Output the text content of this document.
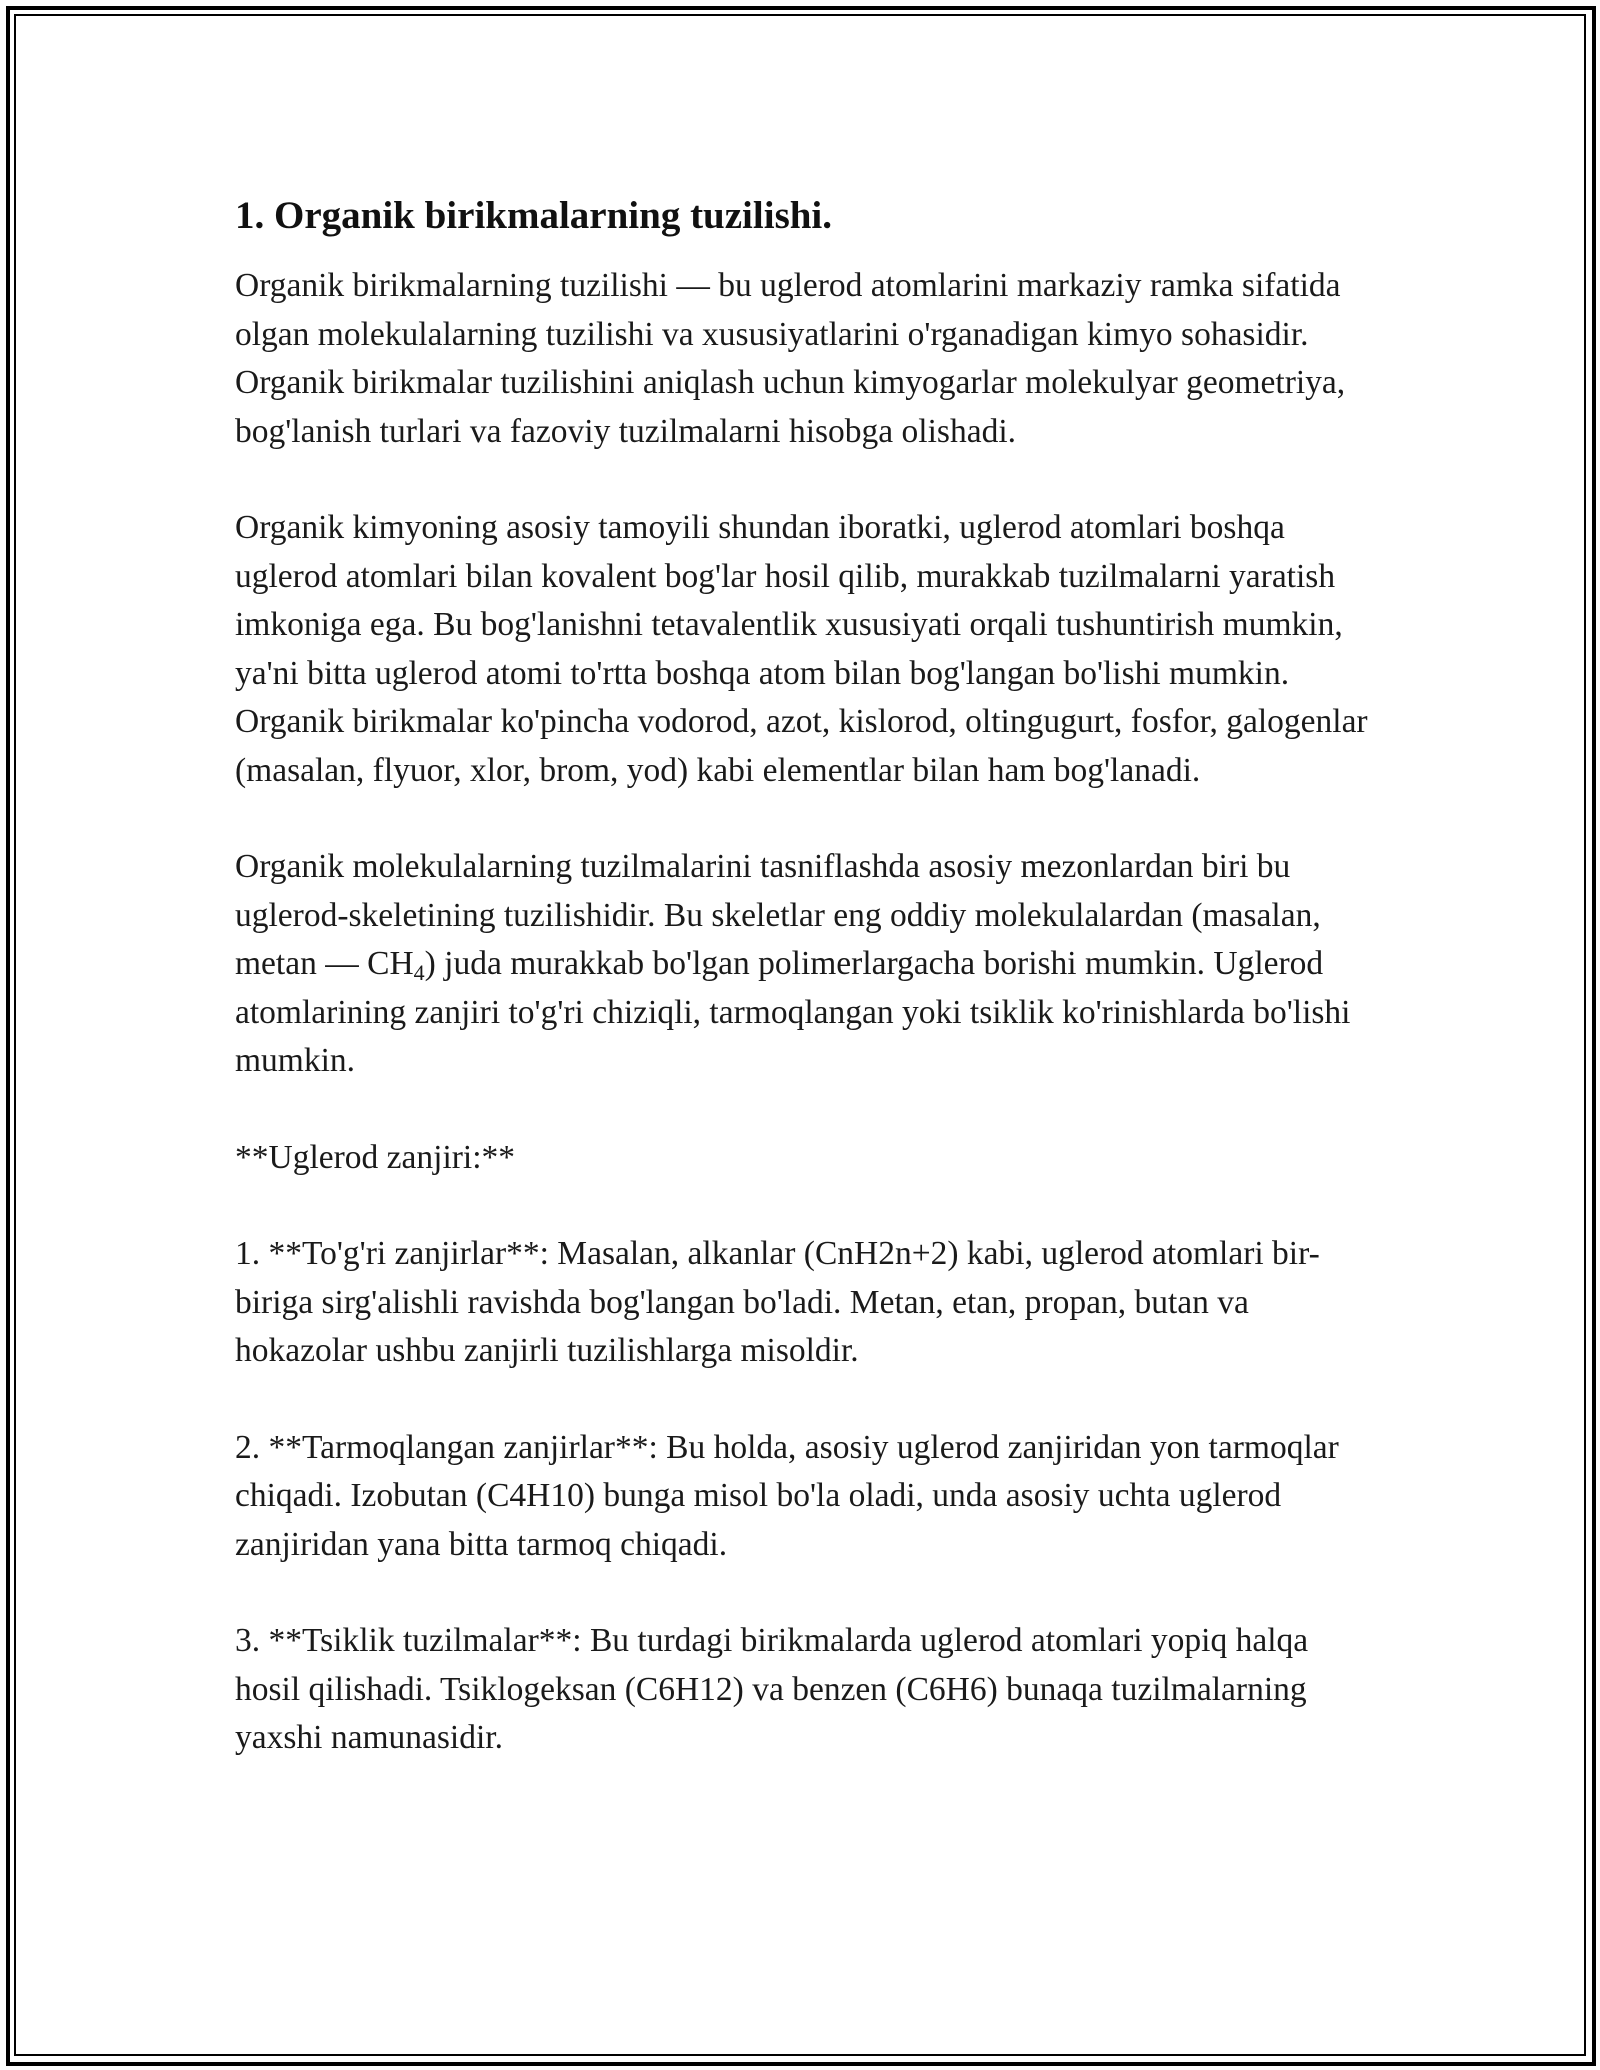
1. Organik birikmalarning tuzilishi.

Organik birikmalarning tuzilishi — bu uglerod atomlarini markaziy ramka sifatida olgan molekulalarning tuzilishi va xususiyatlarini o'rganadigan kimyo sohasidir. Organik birikmalar tuzilishini aniqlash uchun kimyogarlar molekulyar geometriya, bog'lanish turlari va fazoviy tuzilmalarni hisobga olishadi.

Organik kimyoning asosiy tamoyili shundan iboratki, uglerod atomlari boshqa uglerod atomlari bilan kovalent bog'lar hosil qilib, murakkab tuzilmalarni yaratish imkoniga ega. Bu bog'lanishni tetavalentlik xususiyati orqali tushuntirish mumkin, ya'ni bitta uglerod atomi to'rtta boshqa atom bilan bog'langan bo'lishi mumkin. Organik birikmalar ko'pincha vodorod, azot, kislorod, oltingugurt, fosfor, galogenlar (masalan, flyuor, xlor, brom, yod) kabi elementlar bilan ham bog'lanadi.

Organik molekulalarning tuzilmalarini tasniflashda asosiy mezonlardan biri bu uglerod-skeletining tuzilishidir. Bu skeletlar eng oddiy molekulalardan (masalan, metan — $CH_4$) juda murakkab bo'lgan polimerlargacha borishi mumkin. Uglerod atomlarining zanjiri to'g'ri chiziqli, tarmoqlangan yoki tsiklik ko'rinishlarda bo'lishi mumkin.

**Uglerod zanjiri:**

1. **To'g'ri zanjirlar**: Masalan, alkanlar (CnH2n+2) kabi, uglerod atomlari bir-biriga sirg'alishli ravishda bog'langan bo'ladi. Metan, etan, propan, butan va hokazolar ushbu zanjirli tuzilishlarga misoldir.

2. **Tarmoqlangan zanjirlar**: Bu holda, asosiy uglerod zanjiridan yon tarmoqlar chiqadi. Izobutan (C4H10) bunga misol bo'la oladi, unda asosiy uchta uglerod zanjiridan yana bitta tarmoq chiqadi.

3. **Tsiklik tuzilmalar**: Bu turdagi birikmalarda uglerod atomlari yopiq halqa hosil qilishadi. Tsiklogeksan (C6H12) va benzen (C6H6) bunaqa tuzilmalarning yaxshi namunasidir.
